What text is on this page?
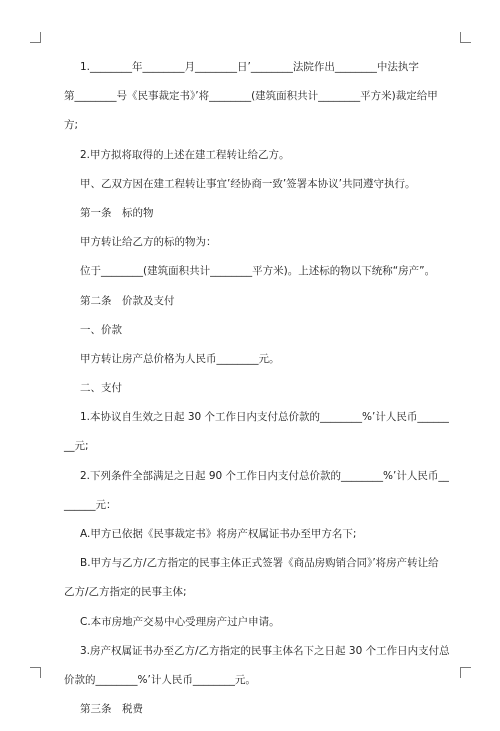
1.________年________月________日’________法院作出________中法执字
第________号《民事裁定书》’将________(建筑面积共计________平方米)裁定给甲
方;
2.甲方拟将取得的上述在建工程转让给乙方。
甲、乙双方因在建工程转让事宜’经协商一致’签署本协议’共同遵守执行。
第一条　标的物
甲方转让给乙方的标的物为：
位于________(建筑面积共计________平方米)。上述标的物以下统称“房产”。
第二条　价款及支付
一、价款
甲方转让房产总价格为人民币________元。
二、支付
1.本协议自生效之日起 30 个工作日内支付总价款的________%’计人民币______
__元;
2.下列条件全部满足之日起 90 个工作日内支付总价款的________%’计人民币__
______元：
A.甲方已依据《民事裁定书》将房产权属证书办至甲方名下;
B.甲方与乙方/乙方指定的民事主体正式签署《商品房购销合同》’将房产转让给
乙方/乙方指定的民事主体;
C.本市房地产交易中心受理房产过户申请。
3.房产权属证书办至乙方/乙方指定的民事主体名下之日起 30 个工作日内支付总
价款的________%’计人民币________元。
第三条　税费
